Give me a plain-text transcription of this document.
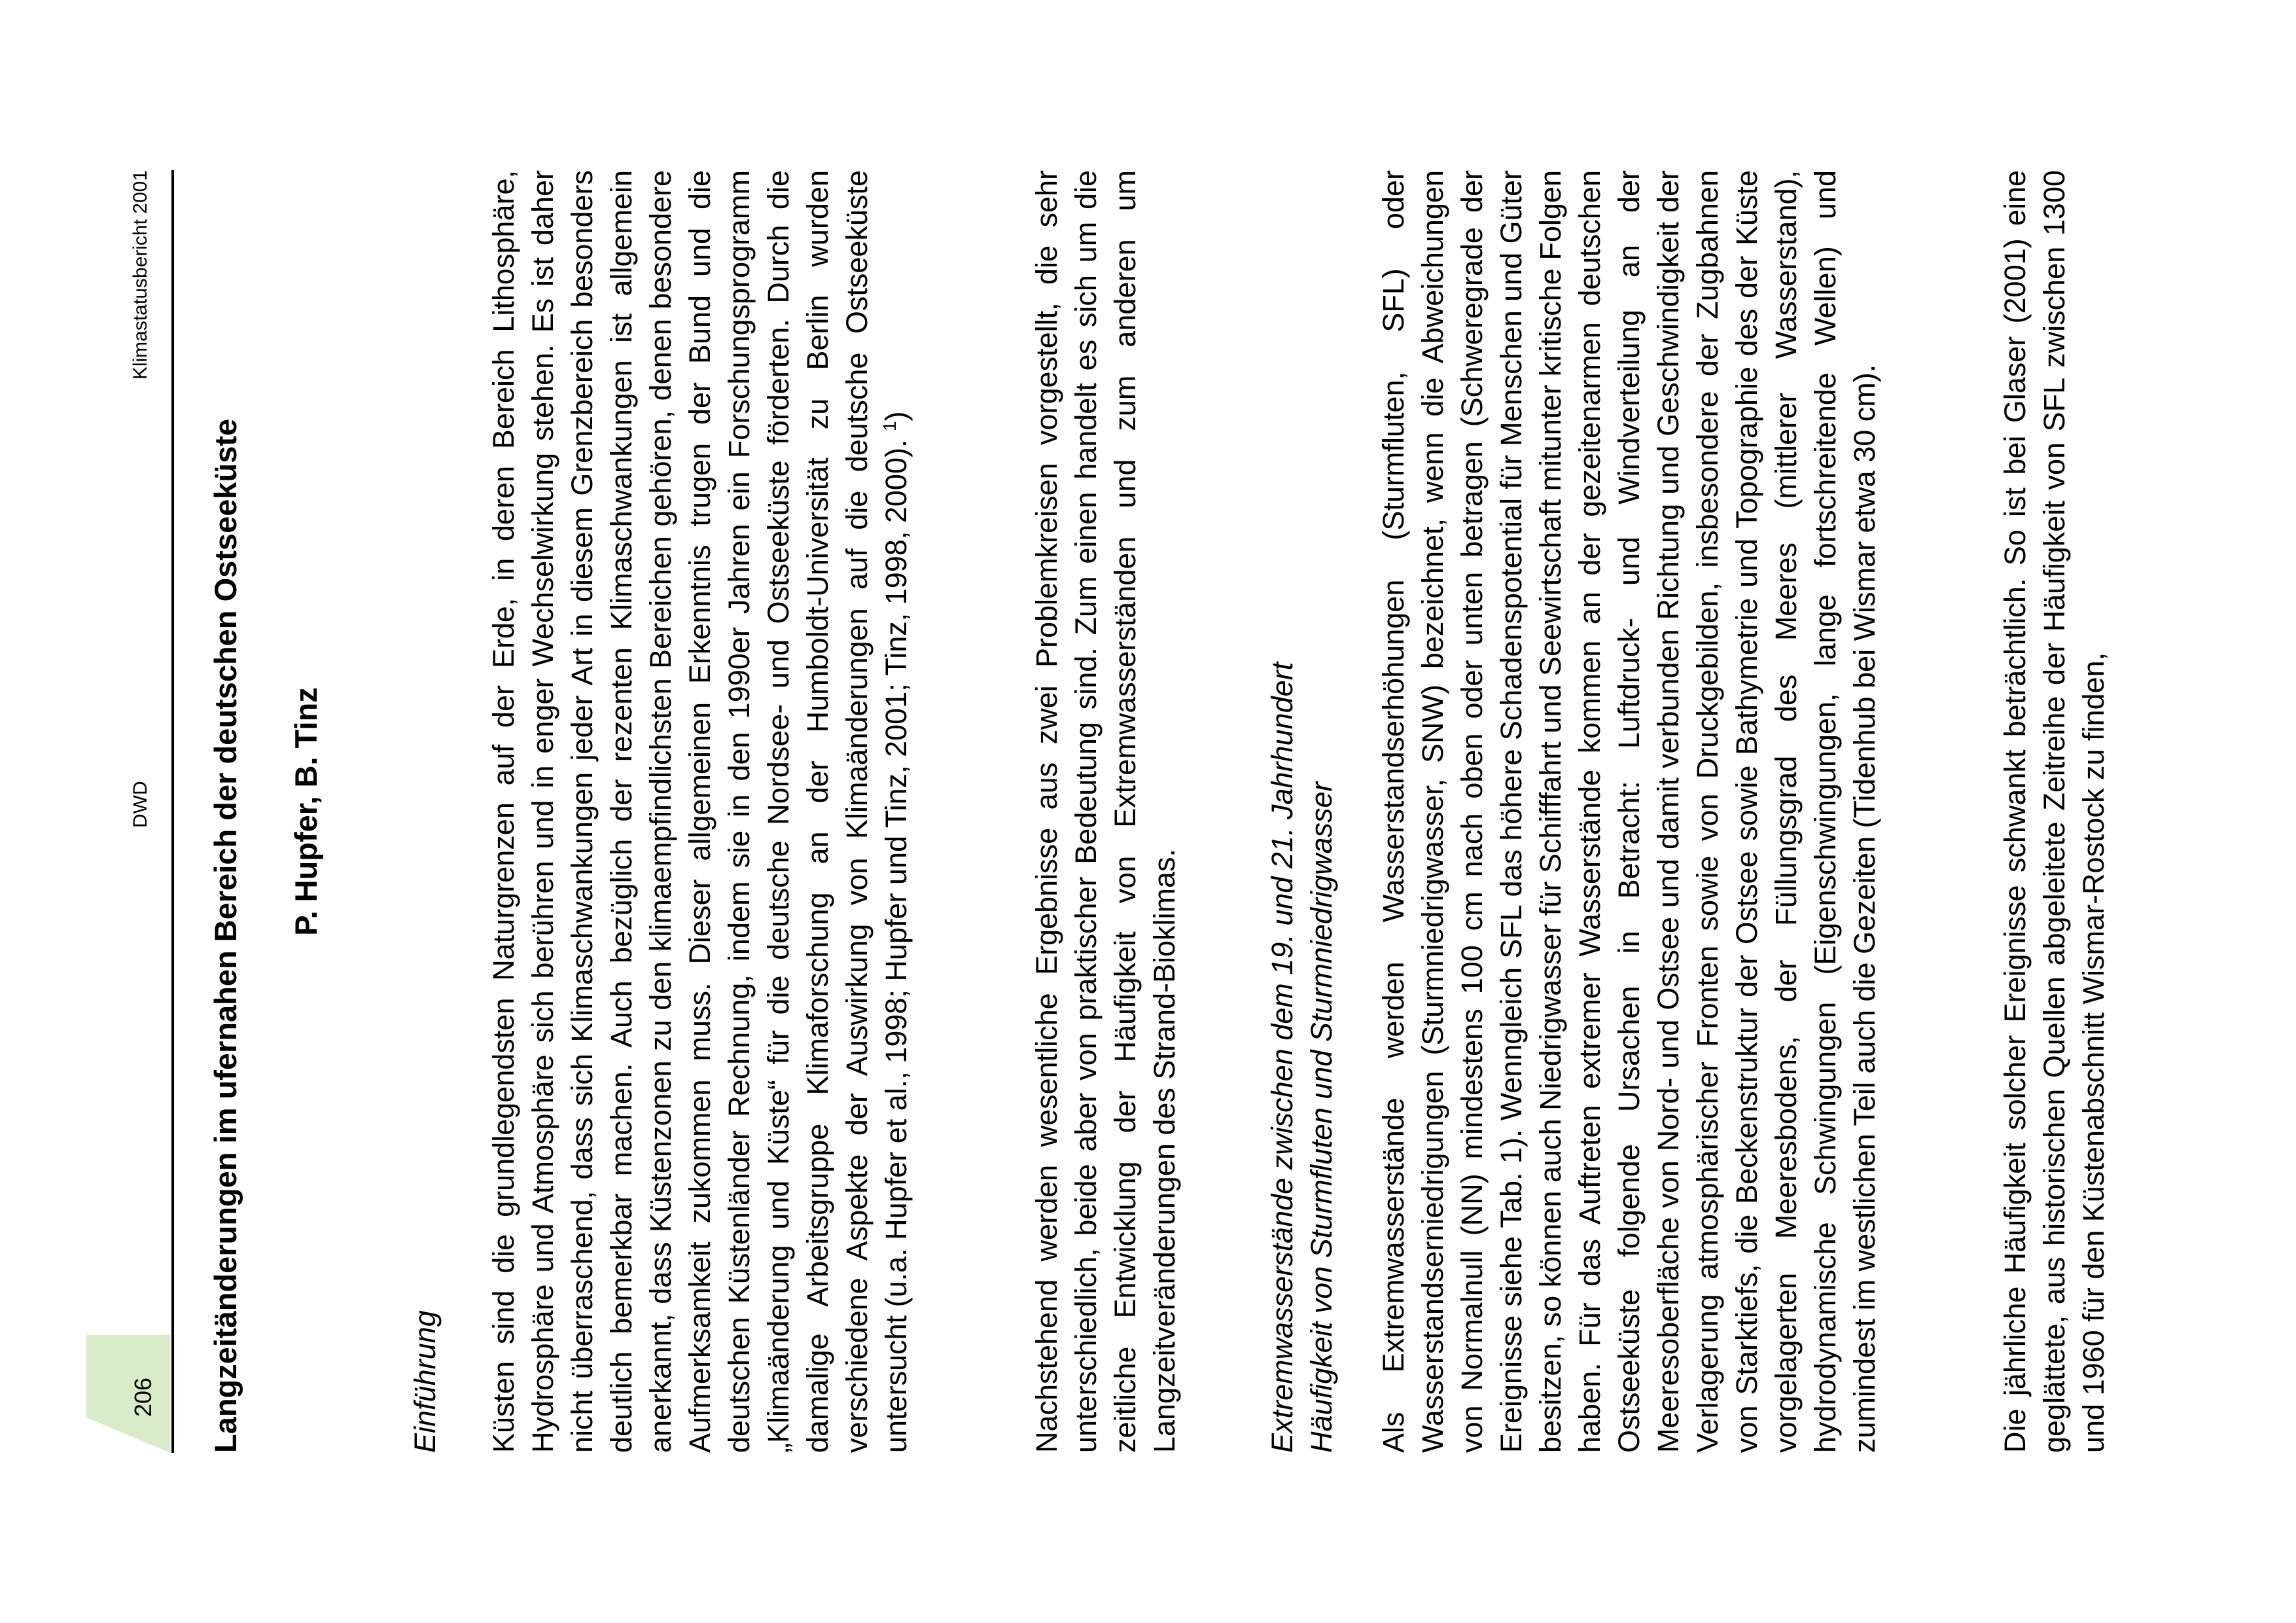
206
DWD
Klimastatusbericht 2001
Langzeitänderungen im ufernahen Bereich der deutschen Ostseeküste P. Hupfer, B. Tinz
Einführung Küsten sind die grundlegendsten Naturgrenzen auf der Erde, in deren Bereich Lithosphäre, Hydrosphäre und Atmosphäre sich berühren und in enger Wechselwirkung stehen. Es ist daher nicht überraschend, dass sich Klimaschwankungen jeder Art in diesem Grenzbereich besonders deutlich bemerkbar machen. Auch bezüglich der rezenten Klimaschwankungen ist allgemein anerkannt, dass Küstenzonen zu den klimaempfindlichsten Bereichen gehören, denen besondere Aufmerksamkeit zukommen muss. Dieser allgemeinen Erkenntnis trugen der Bund und die deutschen Küstenländer Rechnung, indem sie in den 1990er Jahren ein Forschungsprogramm „Klimaänderung und Küste“ für die deutsche Nordsee- und Ostseeküste förderten. Durch die damalige Arbeitsgruppe Klimaforschung an der Humboldt-Universität zu Berlin wurden verschiedene Aspekte der Auswirkung von Klimaänderungen auf die deutsche Ostseeküste untersucht (u.a. Hupfer et al., 1998; Hupfer und Tinz, 2001; Tinz, 1998, 2000). $^1$)	Nachstehend werden wesentliche Ergebnisse aus zwei Problemkreisen vorgestellt, die sehr unterschiedlich, beide aber von praktischer Bedeutung sind. Zum einen handelt es sich um die zeitliche Entwicklung der Häufigkeit von Extremwasserständen und zum anderen um Langzeitveränderungen des Strand-Bioklimas.	Extremwasserstände zwischen dem 19. und 21. Jahrhundert Häufigkeit von Sturmfluten und Sturmniedrigwasser Als Extremwasserstände werden Wasserstandserhöhungen (Sturmfluten, SFL) oder Wasserstandserniedrigungen (Sturmniedrigwasser, SNW) bezeichnet, wenn die Abweichungen von Normalnull (NN) mindestens 100 cm nach oben oder unten betragen (Schweregrade der Ereignisse siehe Tab. 1). Wenngleich SFL das höhere Schadenspotential für Menschen und Güter besitzen, so können auch Niedrigwasser für Schifffahrt und Seewirtschaft mitunter kritische Folgen haben. Für das Auftreten extremer Wasserstände kommen an der gezeitenarmen deutschen Ostseeküste folgende Ursachen in Betracht: Luftdruck- und Windverteilung an der Meeresoberfläche von Nord- und Ostsee und damit verbunden Richtung und Geschwindigkeit der Verlagerung atmosphärischer Fronten sowie von Druckgebilden, insbesondere der Zugbahnen von Starktiefs, die Beckenstruktur der Ostsee sowie Bathymetrie und Topographie des der Küste vorgelagerten Meeresbodens, der Füllungsgrad des Meeres (mittlerer Wasserstand), hydrodynamische Schwingungen (Eigenschwingungen, lange fortschreitende Wellen) und zumindest im westlichen Teil auch die Gezeiten (Tidenhub bei Wismar etwa 30 cm).	Die jährliche Häufigkeit solcher Ereignisse schwankt beträchtlich. So ist bei Glaser (2001) eine geglättete, aus historischen Quellen abgeleitete Zeitreihe der Häufigkeit von SFL zwischen 1300 und 1960 für den Küstenabschnitt Wismar-Rostock zu finden,
